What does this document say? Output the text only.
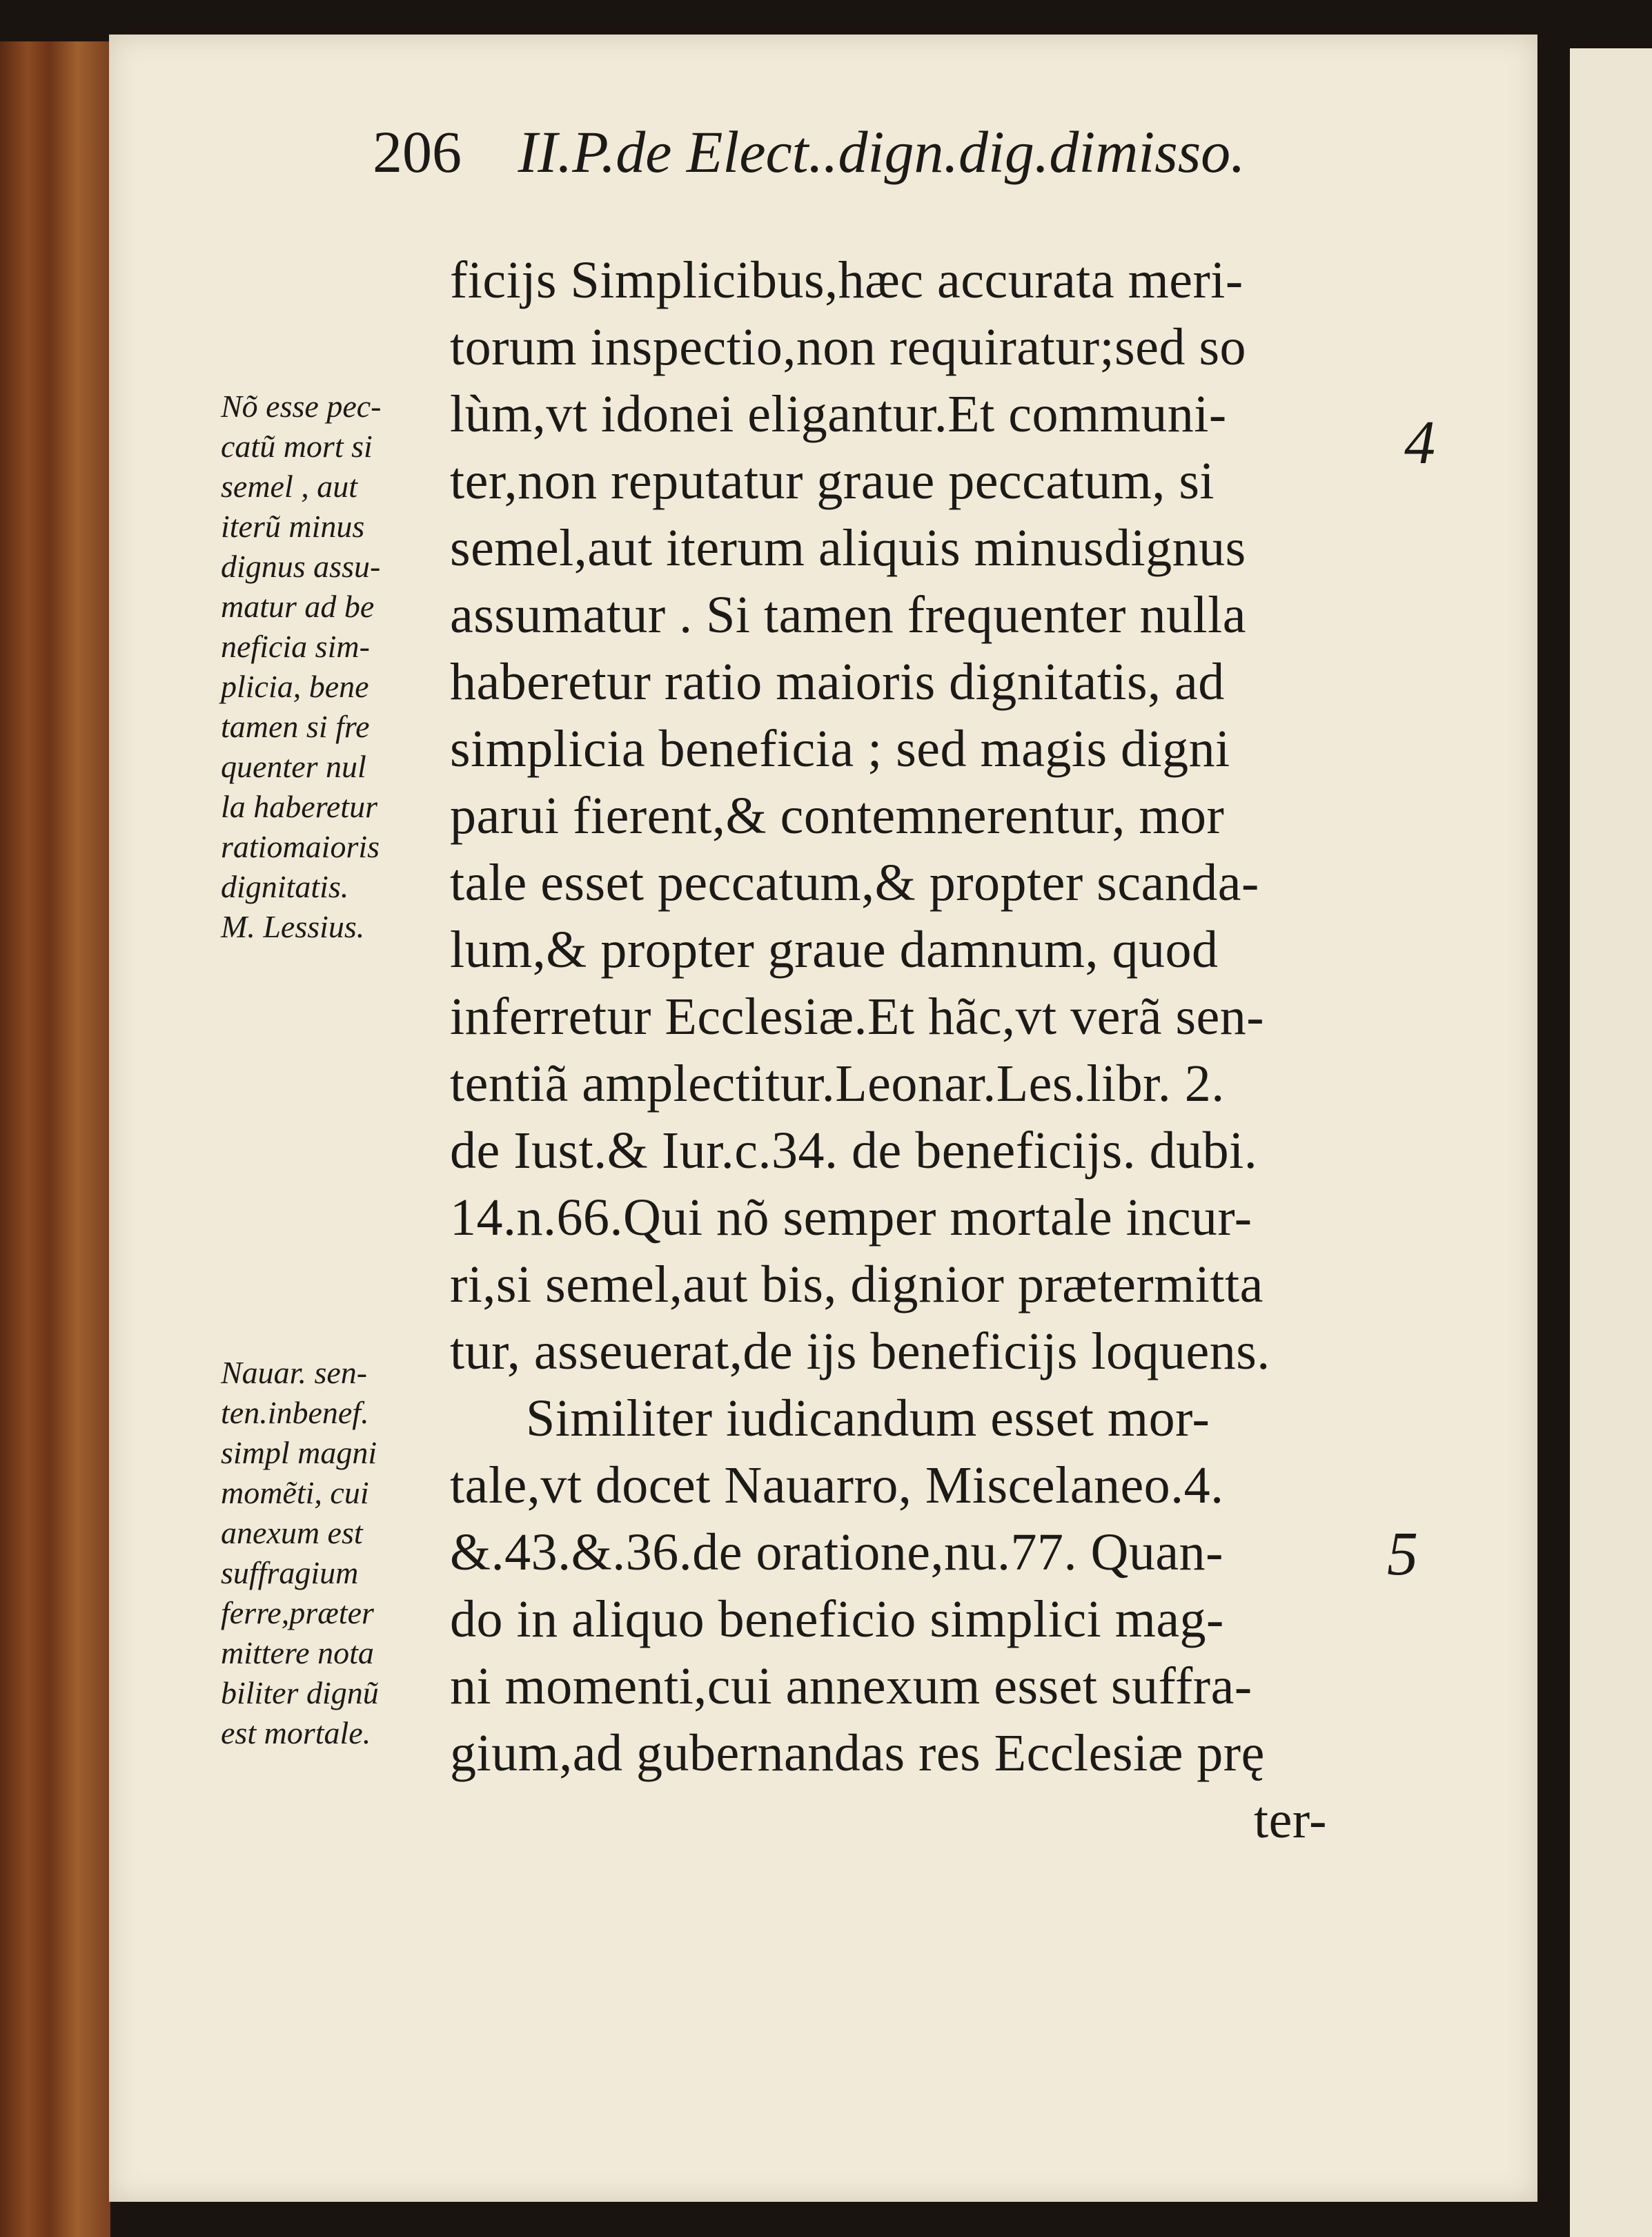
206 II.P.de Elect..dign.dig.dimisso.
ficijs Simplicibus,hæc accurata meri-
torum inspectio,non requiratur;sed so
lùm,vt idonei eligantur.Et communi-
ter,non reputatur graue peccatum, si
semel,aut iterum aliquis minusdignus
assumatur . Si tamen frequenter nulla
haberetur ratio maioris dignitatis, ad
simplicia beneficia ; sed magis digni
parui fierent,& contemnerentur, mor
tale esset peccatum,& propter scanda-
lum,& propter graue damnum, quod
inferretur Ecclesiæ.Et hãc,vt verã sen-
tentiã amplectitur.Leonar.Les.libr. 2.
de Iust.& Iur.c.34. de beneficijs. dubi.
14.n.66.Qui nõ semper mortale incur-
ri,si semel,aut bis, dignior prætermitta
tur, asseuerat,de ijs beneficijs loquens.
Similiter iudicandum esset mor-
tale,vt docet Nauarro, Miscelaneo.4.
&.43.&.36.de oratione,nu.77. Quan-
do in aliquo beneficio simplici mag-
ni momenti,cui annexum esset suffra-
gium,ad gubernandas res Ecclesiæ prę
ter-
Nõ esse pec-
catũ mort si
semel , aut
iterũ minus
dignus assu-
matur ad be
neficia sim-
plicia, bene
tamen si fre
quenter nul
la haberetur
ratiomaioris
dignitatis.
M. Lessius.
Nauar. sen-
ten.inbenef.
simpl magni
momẽti, cui
anexum est
suffragium
ferre,præter
mittere nota
biliter dignũ
est mortale.
4
5
